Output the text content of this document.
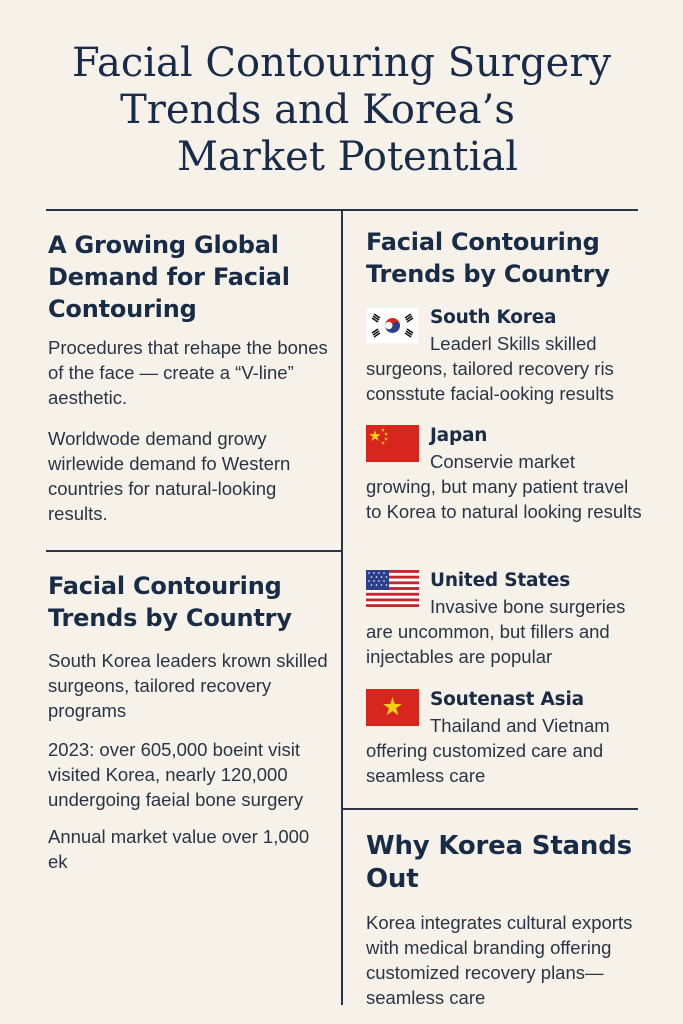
Facial Contouring Surgery
Trends and Korea’s
Market Potential
A Growing Global Demand for Facial Contouring

Procedures that rehape the bones of the face — create a “V-line” aesthetic.

Worldwode demand growy wirlewide demand fo Western countries for natural-looking results.

Facial Contouring Trends by Country

South Korea leaders krown skilled surgeons, tailored recovery programs

2023: over 605,000 boeint visit visited Korea, nearly 120,000 undergoing faeial bone surgery

Annual market value over 1,000 ek

Facial Contouring Trends by Country
South Korea
Leaderl Skills skilled surgeons, tailored recovery ris consstute facial-ooking results
Japan
Conservie market growing, but many patient travel to Korea to natural looking results
United States
Invasive bone surgeries are uncommon, but fillers and injectables are popular
Soutenast Asia
Thailand and Vietnam offering customized care and seamless care
Why Korea Stands Out

Korea integrates cultural exports with medical branding offering customized recovery plans— seamless care
